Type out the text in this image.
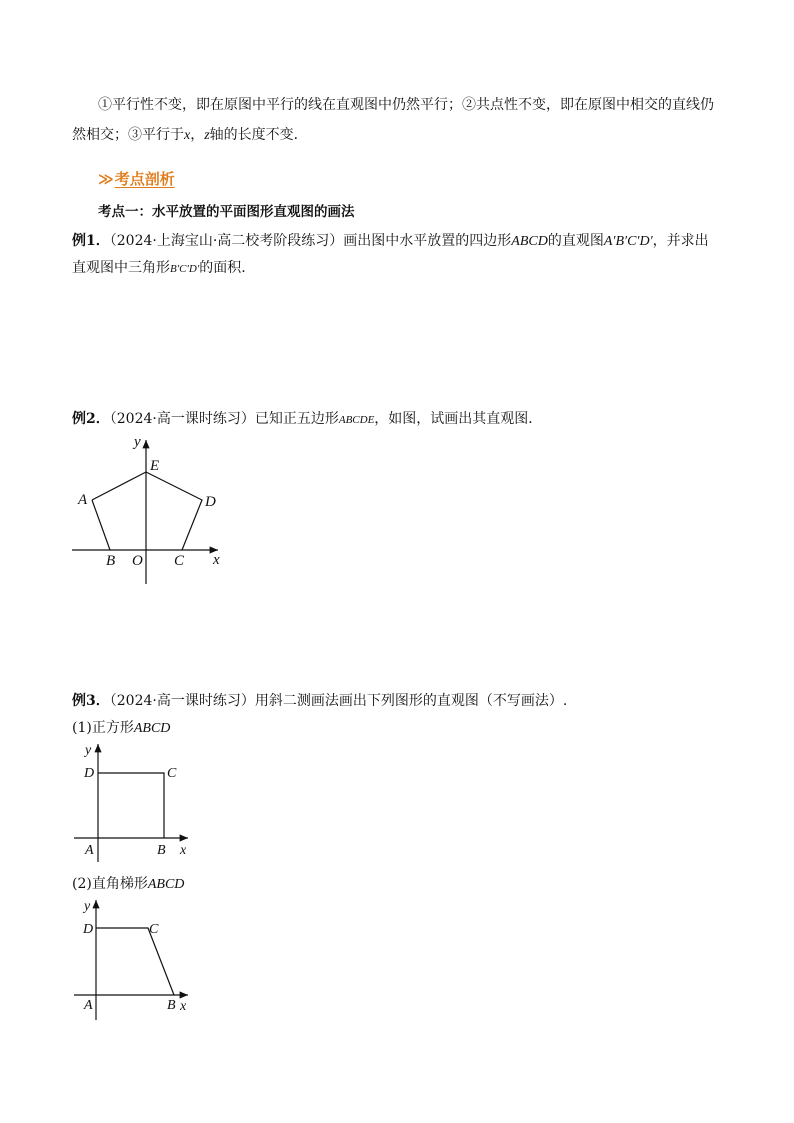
①平行性不变，即在原图中平行的线在直观图中仍然平行；②共点性不变，即在原图中相交的直线仍
然相交；③平行于x，z轴的长度不变．
≫ 考点剖析
考点一：水平放置的平面图形直观图的画法
例1．（2024·上海宝山·高二校考阶段练习）画出图中水平放置的四边形ABCD的直观图A′B′C′D′，并求出
直观图中三角形B′C′D′的面积.
例2．（2024·高一课时练习）已知正五边形ABCDE，如图，试画出其直观图．
y
x
E
A	D
B O C
例3．（2024·高一课时练习）用斜二测画法画出下列图形的直观图（不写画法）.
(1)正方形ABCD
y
x
D	C
A	B
(2)直角梯形ABCD
y
x
D	C
A	B
